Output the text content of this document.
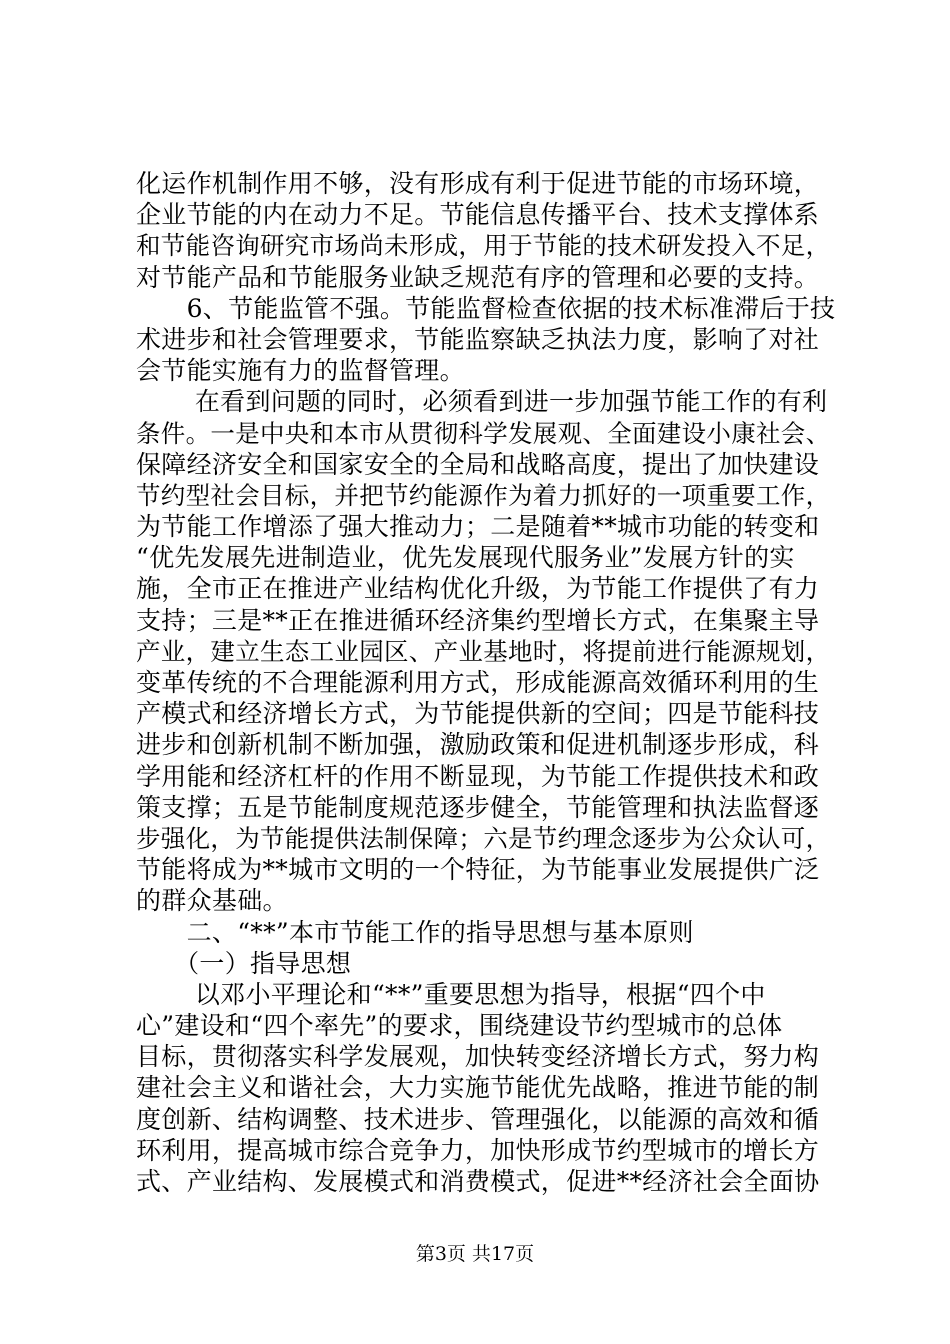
化运作机制作用不够，没有形成有利于促进节能的市场环境，
企业节能的内在动力不足。节能信息传播平台、技术支撑体系
和节能咨询研究市场尚未形成，用于节能的技术研发投入不足，
对节能产品和节能服务业缺乏规范有序的管理和必要的支持。
　　6、节能监管不强。节能监督检查依据的技术标准滞后于技
术进步和社会管理要求，节能监察缺乏执法力度，影响了对社
会节能实施有力的监督管理。
　　 在看到问题的同时，必须看到进一步加强节能工作的有利
条件。一是中央和本市从贯彻科学发展观、全面建设小康社会、
保障经济安全和国家安全的全局和战略高度，提出了加快建设
节约型社会目标，并把节约能源作为着力抓好的一项重要工作，
为节能工作增添了强大推动力；二是随着**城市功能的转变和
“优先发展先进制造业，优先发展现代服务业”发展方针的实
施，全市正在推进产业结构优化升级，为节能工作提供了有力
支持；三是**正在推进循环经济集约型增长方式，在集聚主导
产业，建立生态工业园区、产业基地时，将提前进行能源规划，
变革传统的不合理能源利用方式，形成能源高效循环利用的生
产模式和经济增长方式，为节能提供新的空间；四是节能科技
进步和创新机制不断加强，激励政策和促进机制逐步形成，科
学用能和经济杠杆的作用不断显现，为节能工作提供技术和政
策支撑；五是节能制度规范逐步健全，节能管理和执法监督逐
步强化，为节能提供法制保障；六是节约理念逐步为公众认可，
节能将成为**城市文明的一个特征，为节能事业发展提供广泛
的群众基础。
　　二、“**”本市节能工作的指导思想与基本原则
　　（一）指导思想
　　 以邓小平理论和“**”重要思想为指导，根据“四个中
心”建设和“四个率先”的要求，围绕建设节约型城市的总体
目标，贯彻落实科学发展观，加快转变经济增长方式，努力构
建社会主义和谐社会，大力实施节能优先战略，推进节能的制
度创新、结构调整、技术进步、管理强化，以能源的高效和循
环利用，提高城市综合竞争力，加快形成节约型城市的增长方
式、产业结构、发展模式和消费模式，促进**经济社会全面协
第3页 共17页
